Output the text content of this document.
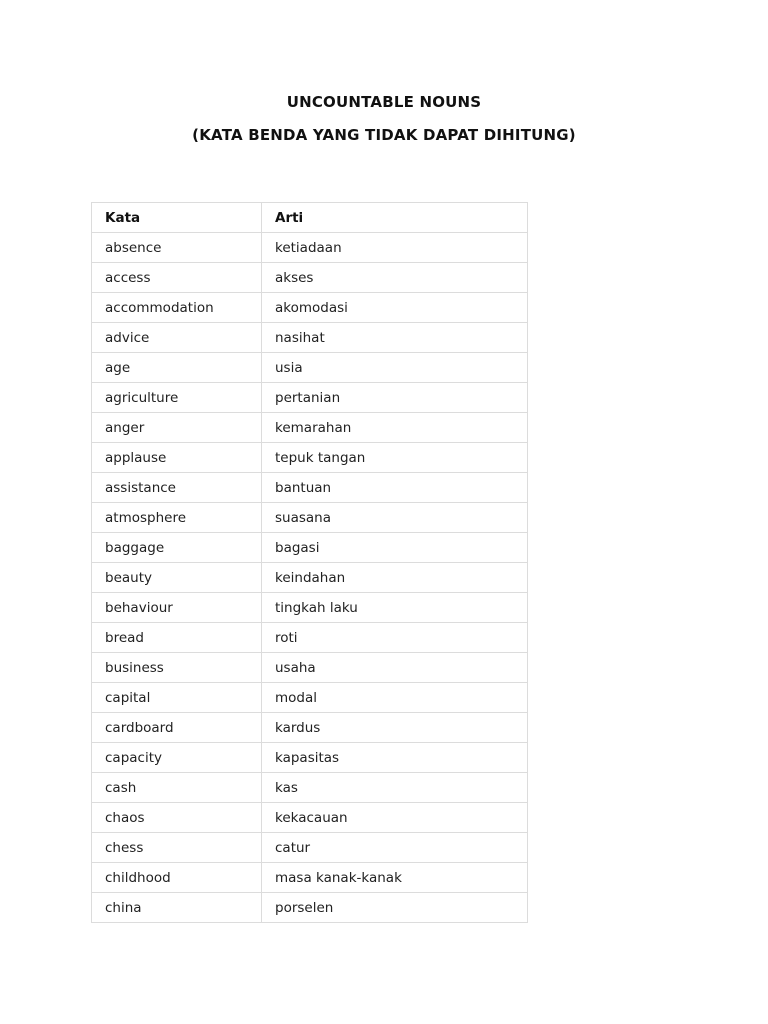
UNCOUNTABLE NOUNS
(KATA BENDA YANG TIDAK DAPAT DIHITUNG)
Kata	Arti
absence	ketiadaan
access	akses
accommodation	akomodasi
advice	nasihat
age	usia
agriculture	pertanian
anger	kemarahan
applause	tepuk tangan
assistance	bantuan
atmosphere	suasana
baggage	bagasi
beauty	keindahan
behaviour	tingkah laku
bread	roti
business	usaha
capital	modal
cardboard	kardus
capacity	kapasitas
cash	kas
chaos	kekacauan
chess	catur
childhood	masa kanak-kanak
china	porselen
